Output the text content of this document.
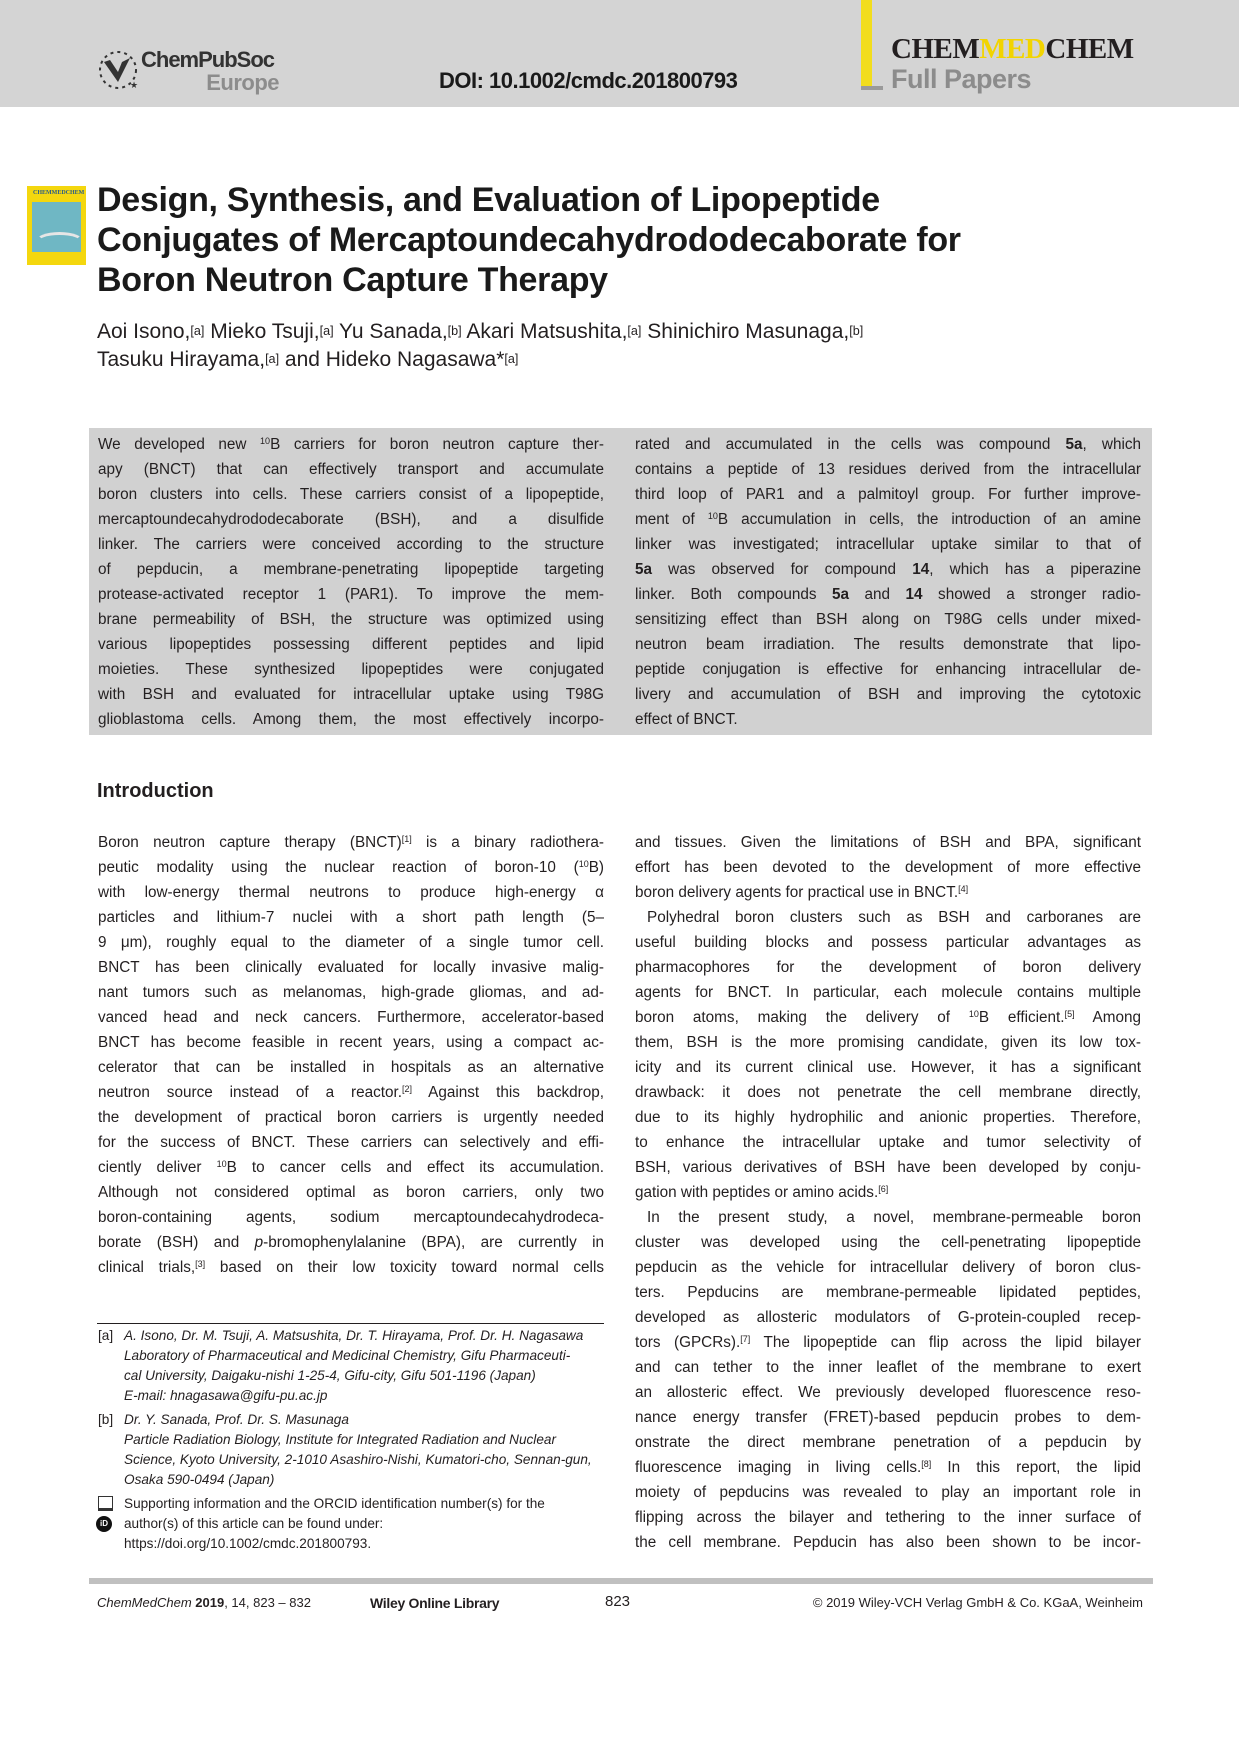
★
ChemPubSoc
Europe	DOI: 10.1002/cmdc.201800793
CHEMMEDCHEM
Full Papers
CHEMMEDCHEM Design, Synthesis, and Evaluation of Lipopeptide
Conjugates of Mercaptoundecahydrododecaborate for
Boron Neutron Capture Therapy
Aoi Isono,[a] Mieko Tsuji,[a] Yu Sanada,[b] Akari Matsushita,[a] Shinichiro Masunaga,[b]
Tasuku Hirayama,[a] and Hideko Nagasawa*[a]
We developed new $^{10}$B carriers for boron neutron capture ther-
apy (BNCT) that can effectively transport and accumulate
boron clusters into cells. These carriers consist of a lipopeptide,
mercaptoundecahydrododecaborate (BSH), and a disulfide
linker. The carriers were conceived according to the structure
of pepducin, a membrane-penetrating lipopeptide targeting
protease-activated receptor 1 (PAR1). To improve the mem-
brane permeability of BSH, the structure was optimized using
various lipopeptides possessing different peptides and lipid
moieties. These synthesized lipopeptides were conjugated
with BSH and evaluated for intracellular uptake using T98G
glioblastoma cells. Among them, the most effectively incorpo-
rated and accumulated in the cells was compound 5a, which
contains a peptide of 13 residues derived from the intracellular
third loop of PAR1 and a palmitoyl group. For further improve-
ment of $^{10}$B accumulation in cells, the introduction of an amine
linker was investigated; intracellular uptake similar to that of
5a was observed for compound 14, which has a piperazine
linker. Both compounds 5a and 14 showed a stronger radio-
sensitizing effect than BSH along on T98G cells under mixed-
neutron beam irradiation. The results demonstrate that lipo-
peptide conjugation is effective for enhancing intracellular de-
livery and accumulation of BSH and improving the cytotoxic
effect of BNCT.
Introduction
Boron neutron capture therapy (BNCT)[1] is a binary radiothera-
peutic modality using the nuclear reaction of boron-10 ($^{10}$B)
with low-energy thermal neutrons to produce high-energy α
particles and lithium-7 nuclei with a short path length (5–
9 μm), roughly equal to the diameter of a single tumor cell.
BNCT has been clinically evaluated for locally invasive malig-
nant tumors such as melanomas, high-grade gliomas, and ad-
vanced head and neck cancers. Furthermore, accelerator-based
BNCT has become feasible in recent years, using a compact ac-
celerator that can be installed in hospitals as an alternative
neutron source instead of a reactor.[2] Against this backdrop,
the development of practical boron carriers is urgently needed
for the success of BNCT. These carriers can selectively and effi-
ciently deliver $^{10}$B to cancer cells and effect its accumulation.
Although not considered optimal as boron carriers, only two
boron-containing agents, sodium mercaptoundecahydrodeca-
borate (BSH) and p-bromophenylalanine (BPA), are currently in
clinical trials,[3] based on their low toxicity toward normal cells
and tissues. Given the limitations of BSH and BPA, significant
effort has been devoted to the development of more effective
boron delivery agents for practical use in BNCT.[4]
Polyhedral boron clusters such as BSH and carboranes are
useful building blocks and possess particular advantages as
pharmacophores for the development of boron delivery
agents for BNCT. In particular, each molecule contains multiple
boron atoms, making the delivery of $^{10}$B efficient.[5] Among
them, BSH is the more promising candidate, given its low tox-
icity and its current clinical use. However, it has a significant
drawback: it does not penetrate the cell membrane directly,
due to its highly hydrophilic and anionic properties. Therefore,
to enhance the intracellular uptake and tumor selectivity of
BSH, various derivatives of BSH have been developed by conju-
gation with peptides or amino acids.[6]
In the present study, a novel, membrane-permeable boron
cluster was developed using the cell-penetrating lipopeptide
pepducin as the vehicle for intracellular delivery of boron clus-
ters. Pepducins are membrane-permeable lipidated peptides,
developed as allosteric modulators of G-protein-coupled recep-
tors (GPCRs).[7] The lipopeptide can flip across the lipid bilayer
and can tether to the inner leaflet of the membrane to exert
an allosteric effect. We previously developed fluorescence reso-
nance energy transfer (FRET)-based pepducin probes to dem-
onstrate the direct membrane penetration of a pepducin by
fluorescence imaging in living cells.[8] In this report, the lipid
moiety of pepducins was revealed to play an important role in
flipping across the bilayer and tethering to the inner surface of
the cell membrane. Pepducin has also been shown to be incor-
[a] A. Isono, Dr. M. Tsuji, A. Matsushita, Dr. T. Hirayama, Prof. Dr. H. Nagasawa
Laboratory of Pharmaceutical and Medicinal Chemistry, Gifu Pharmaceuti-
cal University, Daigaku-nishi 1-25-4, Gifu-city, Gifu 501-1196 (Japan)
E-mail: hnagasawa@gifu-pu.ac.jp
[b] Dr. Y. Sanada, Prof. Dr. S. Masunaga
Particle Radiation Biology, Institute for Integrated Radiation and Nuclear
Science, Kyoto University, 2-1010 Asashiro-Nishi, Kumatori-cho, Sennan-gun,
Osaka 590-0494 (Japan)
iD
Supporting information and the ORCID identification number(s) for the
author(s) of this article can be found under:
https://doi.org/10.1002/cmdc.201800793.
ChemMedChem 2019, 14, 823 – 832	Wiley Online Library	823	© 2019 Wiley-VCH Verlag GmbH & Co. KGaA, Weinheim
